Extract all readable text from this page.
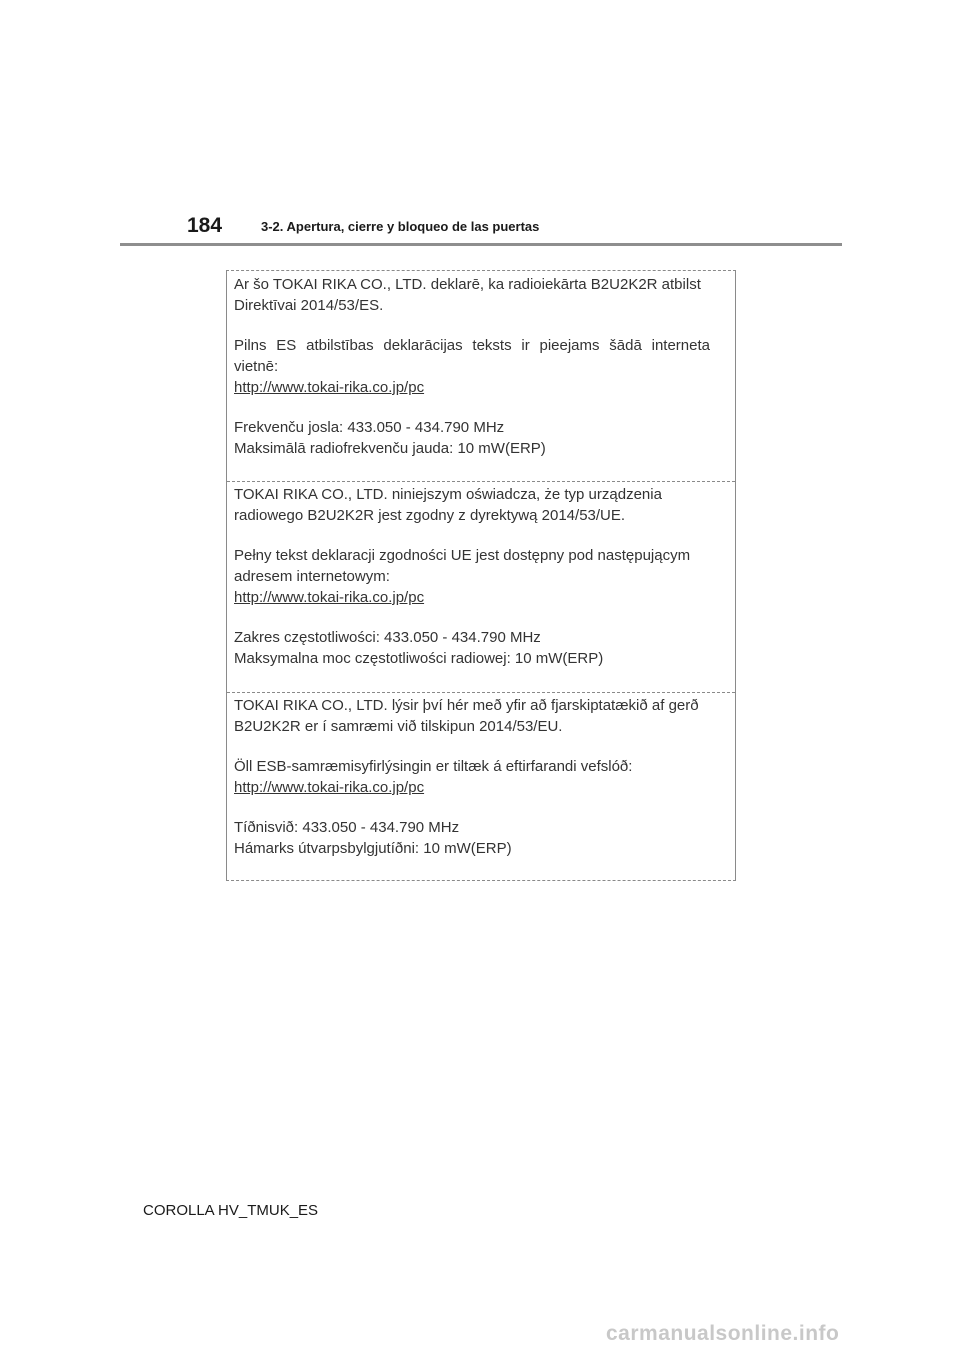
184	3-2. Apertura, cierre y bloqueo de las puertas

Ar šo TOKAI RIKA CO., LTD. deklarē, ka radioiekārta B2U2K2R atbilst

Direktīvai 2014/53/ES.

Pilns ES atbilstības deklarācijas teksts ir pieejams šādā interneta

vietnē:

http://www.tokai-rika.co.jp/pc

Frekvenču josla: 433.050 - 434.790 MHz

Maksimālā radiofrekvenču jauda: 10 mW(ERP)

TOKAI RIKA CO., LTD. niniejszym oświadcza, że typ urządzenia

radiowego B2U2K2R jest zgodny z dyrektywą 2014/53/UE.

Pełny tekst deklaracji zgodności UE jest dostępny pod następującym

adresem internetowym:

http://www.tokai-rika.co.jp/pc

Zakres częstotliwości: 433.050 - 434.790 MHz

Maksymalna moc częstotliwości radiowej: 10 mW(ERP)

TOKAI RIKA CO., LTD. lýsir því hér með yfir að fjarskiptatækið af gerð

B2U2K2R er í samræmi við tilskipun 2014/53/EU.

Öll ESB-samræmisyfirlýsingin er tiltæk á eftirfarandi vefslóð:

http://www.tokai-rika.co.jp/pc

Tíðnisvið: 433.050 - 434.790 MHz

Hámarks útvarpsbylgjutíðni: 10 mW(ERP)

COROLLA HV_TMUK_ES
carmanualsonline.info
